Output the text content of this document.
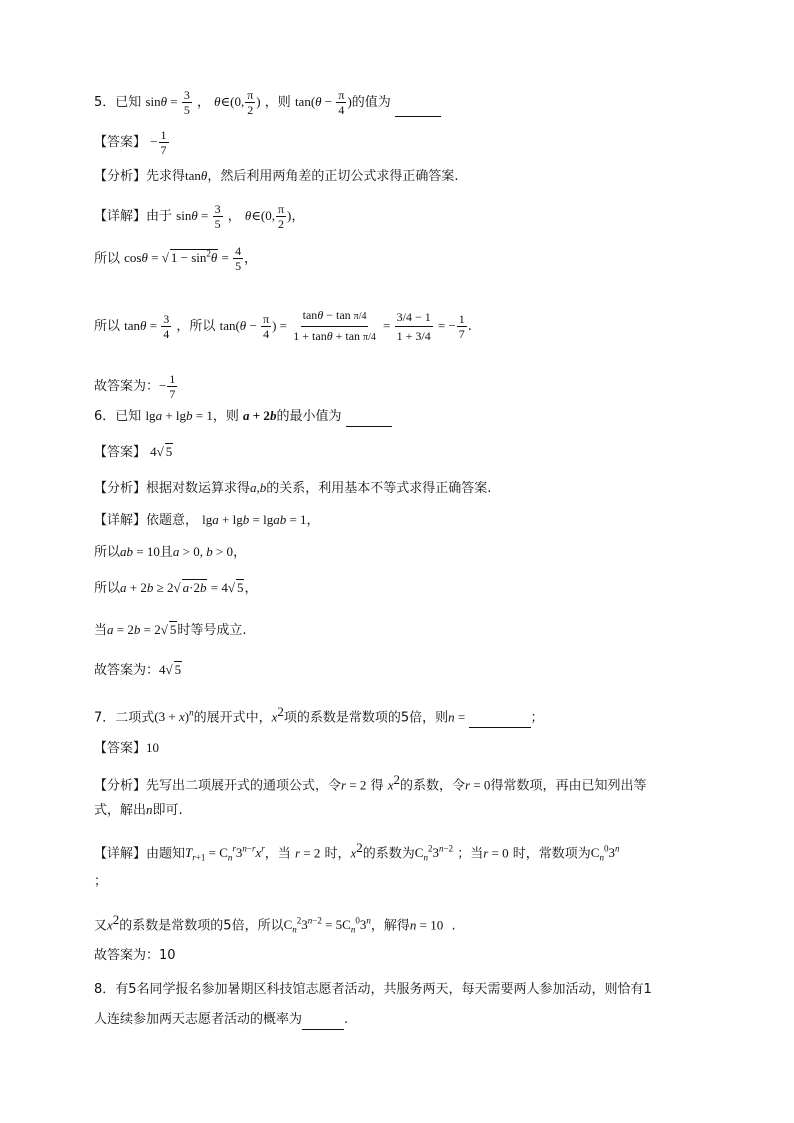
5．已知 $\sin\theta = \frac{3}{5}$ ， θ∈(0, $\frac{\pi}{2}$ ) ，则 $\tan(\theta - \frac{\pi}{4}$ )的值为
【答案】 − $\frac{1}{7}$
【分析】先求得tanθ，然后利用两角差的正切公式求得正确答案.
【详解】由于 $\sin\theta = \frac{3}{5}$ ， θ∈(0, $\frac{\pi}{2}$ )，
所以 cosθ = √ $1 - \sin^2\theta = \frac{4}{5}$ ，
所以 $\tan\theta = \frac{3}{4}$ ，所以 $\tan(\theta - \frac{\pi}{4}$ ) = $\frac{\text{tanθ − tan π/4}}{\text{1 + tanθ + tan π/4}} = \frac{3/4 - 1}{1 + 3/4}$ = − $\frac{1}{7}$ .
故答案为：− $\frac{1}{7}$
6．已知 lga + lgb = 1，则 a + 2b的最小值为
【答案】 4√ 5
【分析】根据对数运算求得a,b的关系，利用基本不等式求得正确答案.
【详解】依题意， lga + lgb = lgab = 1，
所以ab = 10且a > 0, b > 0，
所以a + 2b ≥ 2√ a·2b = 4√ 5，
当a = 2b = 2√ 5时等号成立.
故答案为：4√ 5
7．二项式$(3 + x)^n$的展开式中，$x^2$项的系数是常数项的5倍，则n =	；
【答案】10
【分析】先写出二项展开式的通项公式，令r = 2 得 $x^2$的系数，令r = 0得常数项，再由已知列出等
式，解出n即可.
【详解】由题知$T_{r+1} = C_n^r3^{n-r}x^r$，当 r = 2 时，$x^2$的系数为$C_n^23^{n-2}$ ；当r = 0 时，常数项为$C_n^03^n$
；
又$x^2$的系数是常数项的5倍，所以$C_n^23^{n-2} = 5C_n^03^n$，解得n = 10 .
故答案为：10
8．有5名同学报名参加暑期区科技馆志愿者活动，共服务两天，每天需要两人参加活动，则恰有1
人连续参加两天志愿者活动的概率为	.
